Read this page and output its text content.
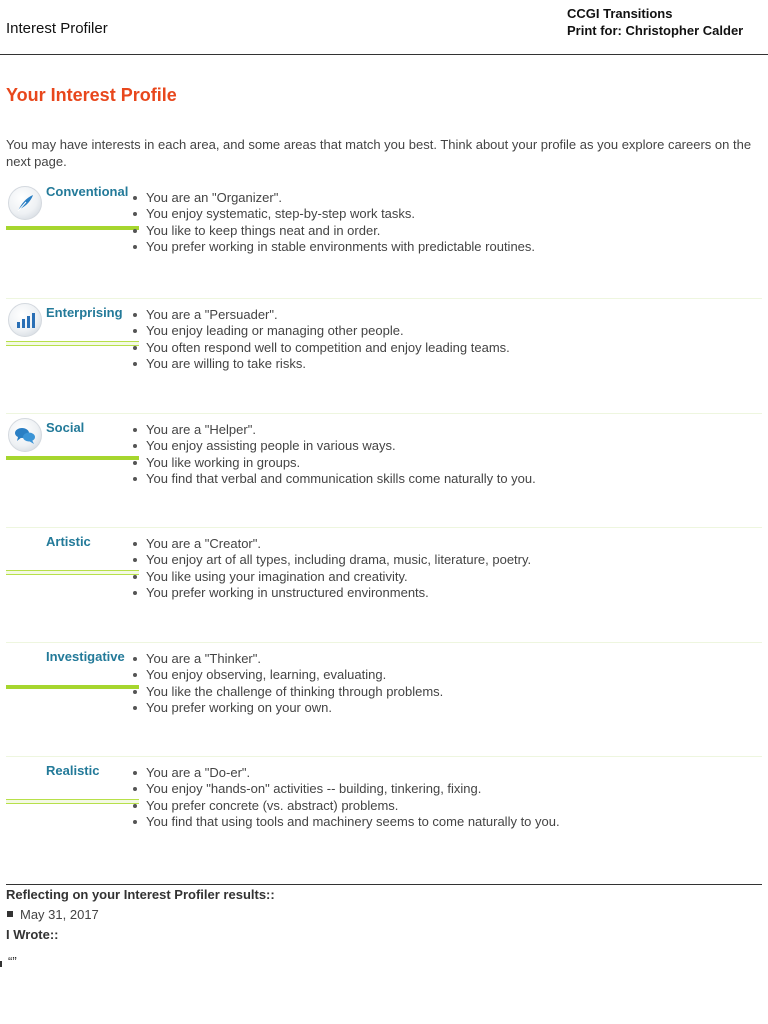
Interest Profiler
CCGI Transitions
Print for: Christopher Calder
Your Interest Profile
You may have interests in each area, and some areas that match you best. Think about your profile as you explore careers on the next page.
Conventional You are an "Organizer".
You enjoy systematic, step-by-step work tasks.
You like to keep things neat and in order.
You prefer working in stable environments with predictable routines.
Enterprising You are a "Persuader".
You enjoy leading or managing other people.
You often respond well to competition and enjoy leading teams.
You are willing to take risks.
Social	You are a "Helper".
You enjoy assisting people in various ways.
You like working in groups.
You find that verbal and communication skills come naturally to you.
Artistic	You are a "Creator".
You enjoy art of all types, including drama, music, literature, poetry.
You like using your imagination and creativity.
You prefer working in unstructured environments.
Investigative You are a "Thinker".
You enjoy observing, learning, evaluating.
You like the challenge of thinking through problems.
You prefer working on your own.
Realistic	You are a "Do-er".
You enjoy "hands-on" activities -- building, tinkering, fixing.
You prefer concrete (vs. abstract) problems.
You find that using tools and machinery seems to come naturally to you.
Reflecting on your Interest Profiler results::
May 31, 2017
I Wrote::
“”
